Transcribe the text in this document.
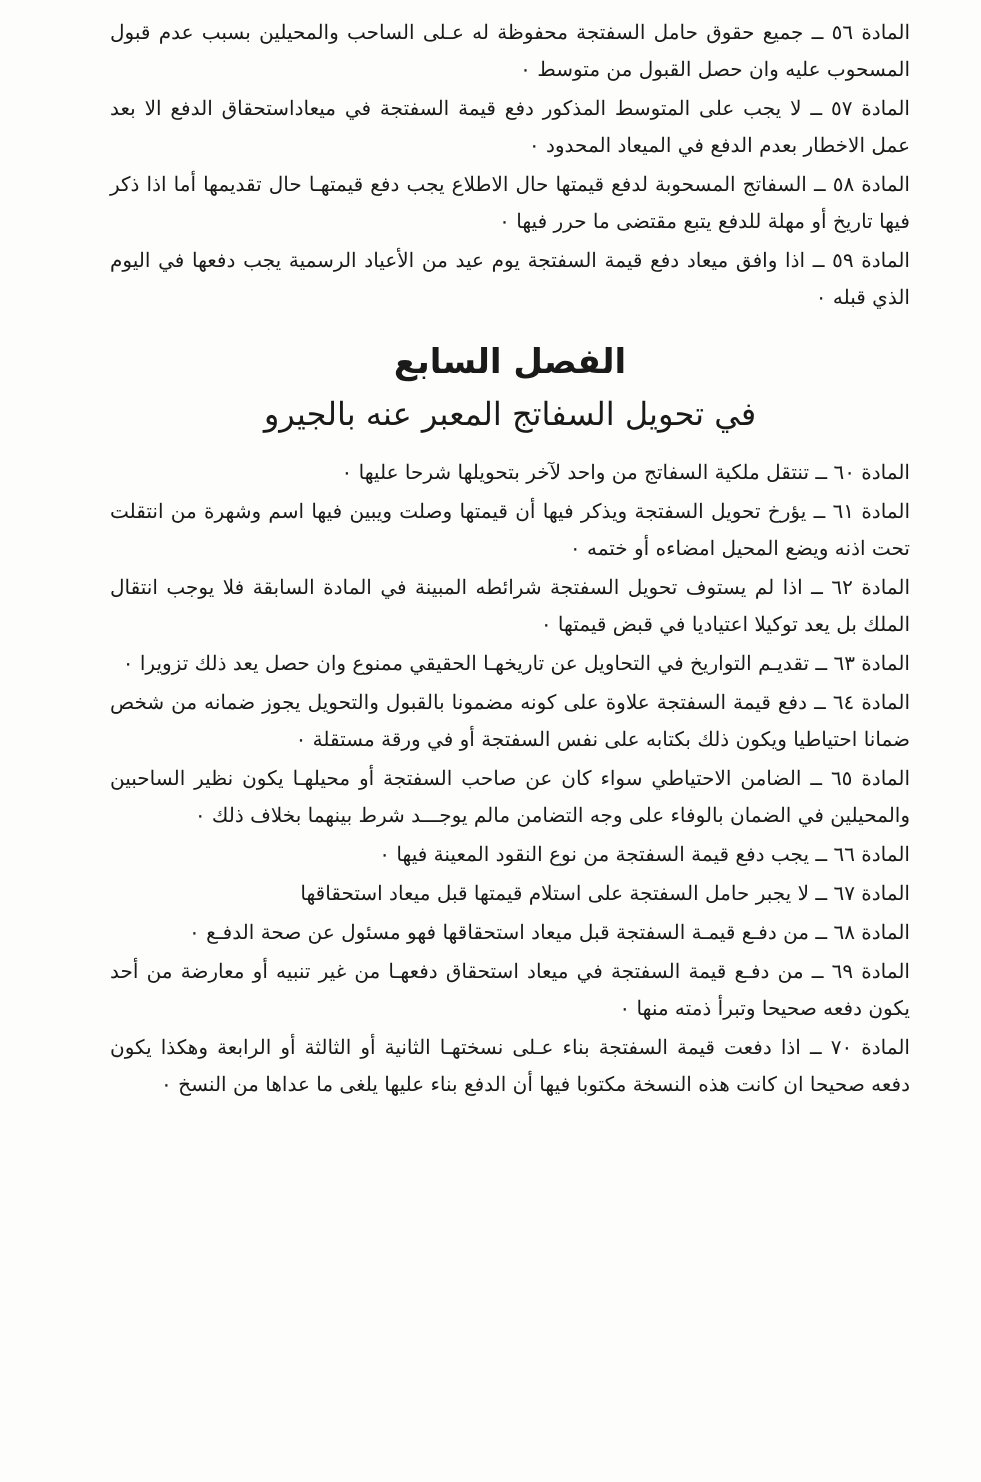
المادة ٥٦ ــ جميع حقوق حامل السفتجة محفوظة له عـلى الساحب والمحيلين بسبب عدم قبول المسحوب عليه وان حصل القبول من متوسط ٠

المادة ٥٧ ــ لا يجب على المتوسط المذكور دفع قيمة السفتجة في ميعاداستحقاق الدفع الا بعد عمل الاخطار بعدم الدفع في الميعاد المحدود ٠

المادة ٥٨ ــ السفاتج المسحوبة لدفع قيمتها حال الاطلاع يجب دفع قيمتهـا حال تقديمها أما اذا ذكر فيها تاريخ أو مهلة للدفع يتبع مقتضى ما حرر فيها ٠

المادة ٥٩ ــ اذا وافق ميعاد دفع قيمة السفتجة يوم عيد من الأعياد الرسمية يجب دفعها في اليوم الذي قبله ٠

الفصل السابع
في تحويل السفاتج المعبر عنه بالجيرو

المادة ٦٠ ــ تنتقل ملكية السفاتج من واحد لآخر بتحويلها شرحا عليها ٠

المادة ٦١ ــ يؤرخ تحويل السفتجة ويذكر فيها أن قيمتها وصلت ويبين فيها اسم وشهرة من انتقلت تحت اذنه ويضع المحيل امضاءه أو ختمه ٠

المادة ٦٢ ــ اذا لم يستوف تحويل السفتجة شرائطه المبينة في المادة السابقة فلا يوجب انتقال الملك بل يعد توكيلا اعتياديا في قبض قيمتها ٠

المادة ٦٣ ــ تقديـم التواريخ في التحاويل عن تاريخهـا الحقيقي ممنوع وان حصل يعد ذلك تزويرا ٠

المادة ٦٤ ــ دفع قيمة السفتجة علاوة على كونه مضمونا بالقبول والتحويل يجوز ضمانه من شخص ضمانا احتياطيا ويكون ذلك بكتابه على نفس السفتجة أو في ورقة مستقلة ٠

المادة ٦٥ ــ الضامن الاحتياطي سواء كان عن صاحب السفتجة أو محيلهـا يكون نظير الساحبين والمحيلين في الضمان بالوفاء على وجه التضامن مالم يوجـــد شرط بينهما بخلاف ذلك ٠

المادة ٦٦ ــ يجب دفع قيمة السفتجة من نوع النقود المعينة فيها ٠

المادة ٦٧ ــ لا يجبر حامل السفتجة على استلام قيمتها قبل ميعاد استحقاقها

المادة ٦٨ ــ من دفـع قيمـة السفتجة قبل ميعاد استحقاقها فهو مسئول عن صحة الدفـع ٠

المادة ٦٩ ــ من دفـع قيمة السفتجة في ميعاد استحقاق دفعهـا من غير تنبيه أو معارضة من أحد يكون دفعه صحيحا وتبرأ ذمته منها ٠

المادة ٧٠ ــ اذا دفعت قيمة السفتجة بناء عـلى نسختهـا الثانية أو الثالثة أو الرابعة وهكذا يكون دفعه صحيحا ان كانت هذه النسخة مكتوبا فيها أن الدفع بناء عليها يلغى ما عداها من النسخ ٠
